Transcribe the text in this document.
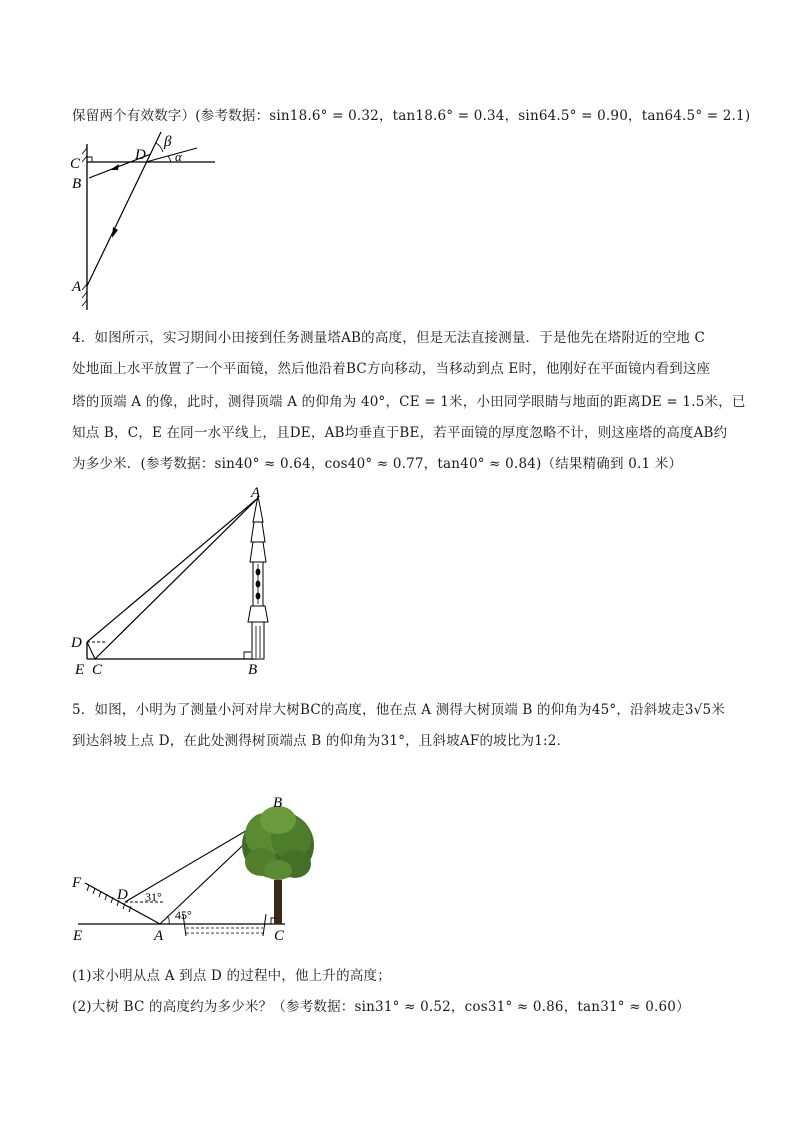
保留两个有效数字）(参考数据：sin18.6° = 0.32，tan18.6° = 0.34，sin64.5° = 0.90，tan64.5° = 2.1)
C
B
A
D
β
α
4．如图所示，实习期间小田接到任务测量塔AB的高度，但是无法直接测量．于是他先在塔附近的空地 C
处地面上水平放置了一个平面镜，然后他沿着BC方向移动，当移动到点 E时，他刚好在平面镜内看到这座
塔的顶端 A 的像，此时，测得顶端 A 的仰角为 40°，CE = 1米，小田同学眼睛与地面的距离DE = 1.5米，已
知点 B，C，E 在同一水平线上，且DE，AB均垂直于BE，若平面镜的厚度忽略不计，则这座塔的高度AB约
为多少米．(参考数据：sin40° ≈ 0.64，cos40° ≈ 0.77，tan40° ≈ 0.84)（结果精确到 0.1 米）
A
D
E C	B
5．如图，小明为了测量小河对岸大树BC的高度，他在点 A 测得大树顶端 B 的仰角为45°，沿斜坡走3√5米
到达斜坡上点 D，在此处测得树顶端点 B 的仰角为31°，且斜坡AF的坡比为1:2．
B
F
D 31°
45°
E	A	C
(1)求小明从点 A 到点 D 的过程中，他上升的高度；
(2)大树 BC 的高度约为多少米？（参考数据：sin31° ≈ 0.52，cos31° ≈ 0.86，tan31° ≈ 0.60）
